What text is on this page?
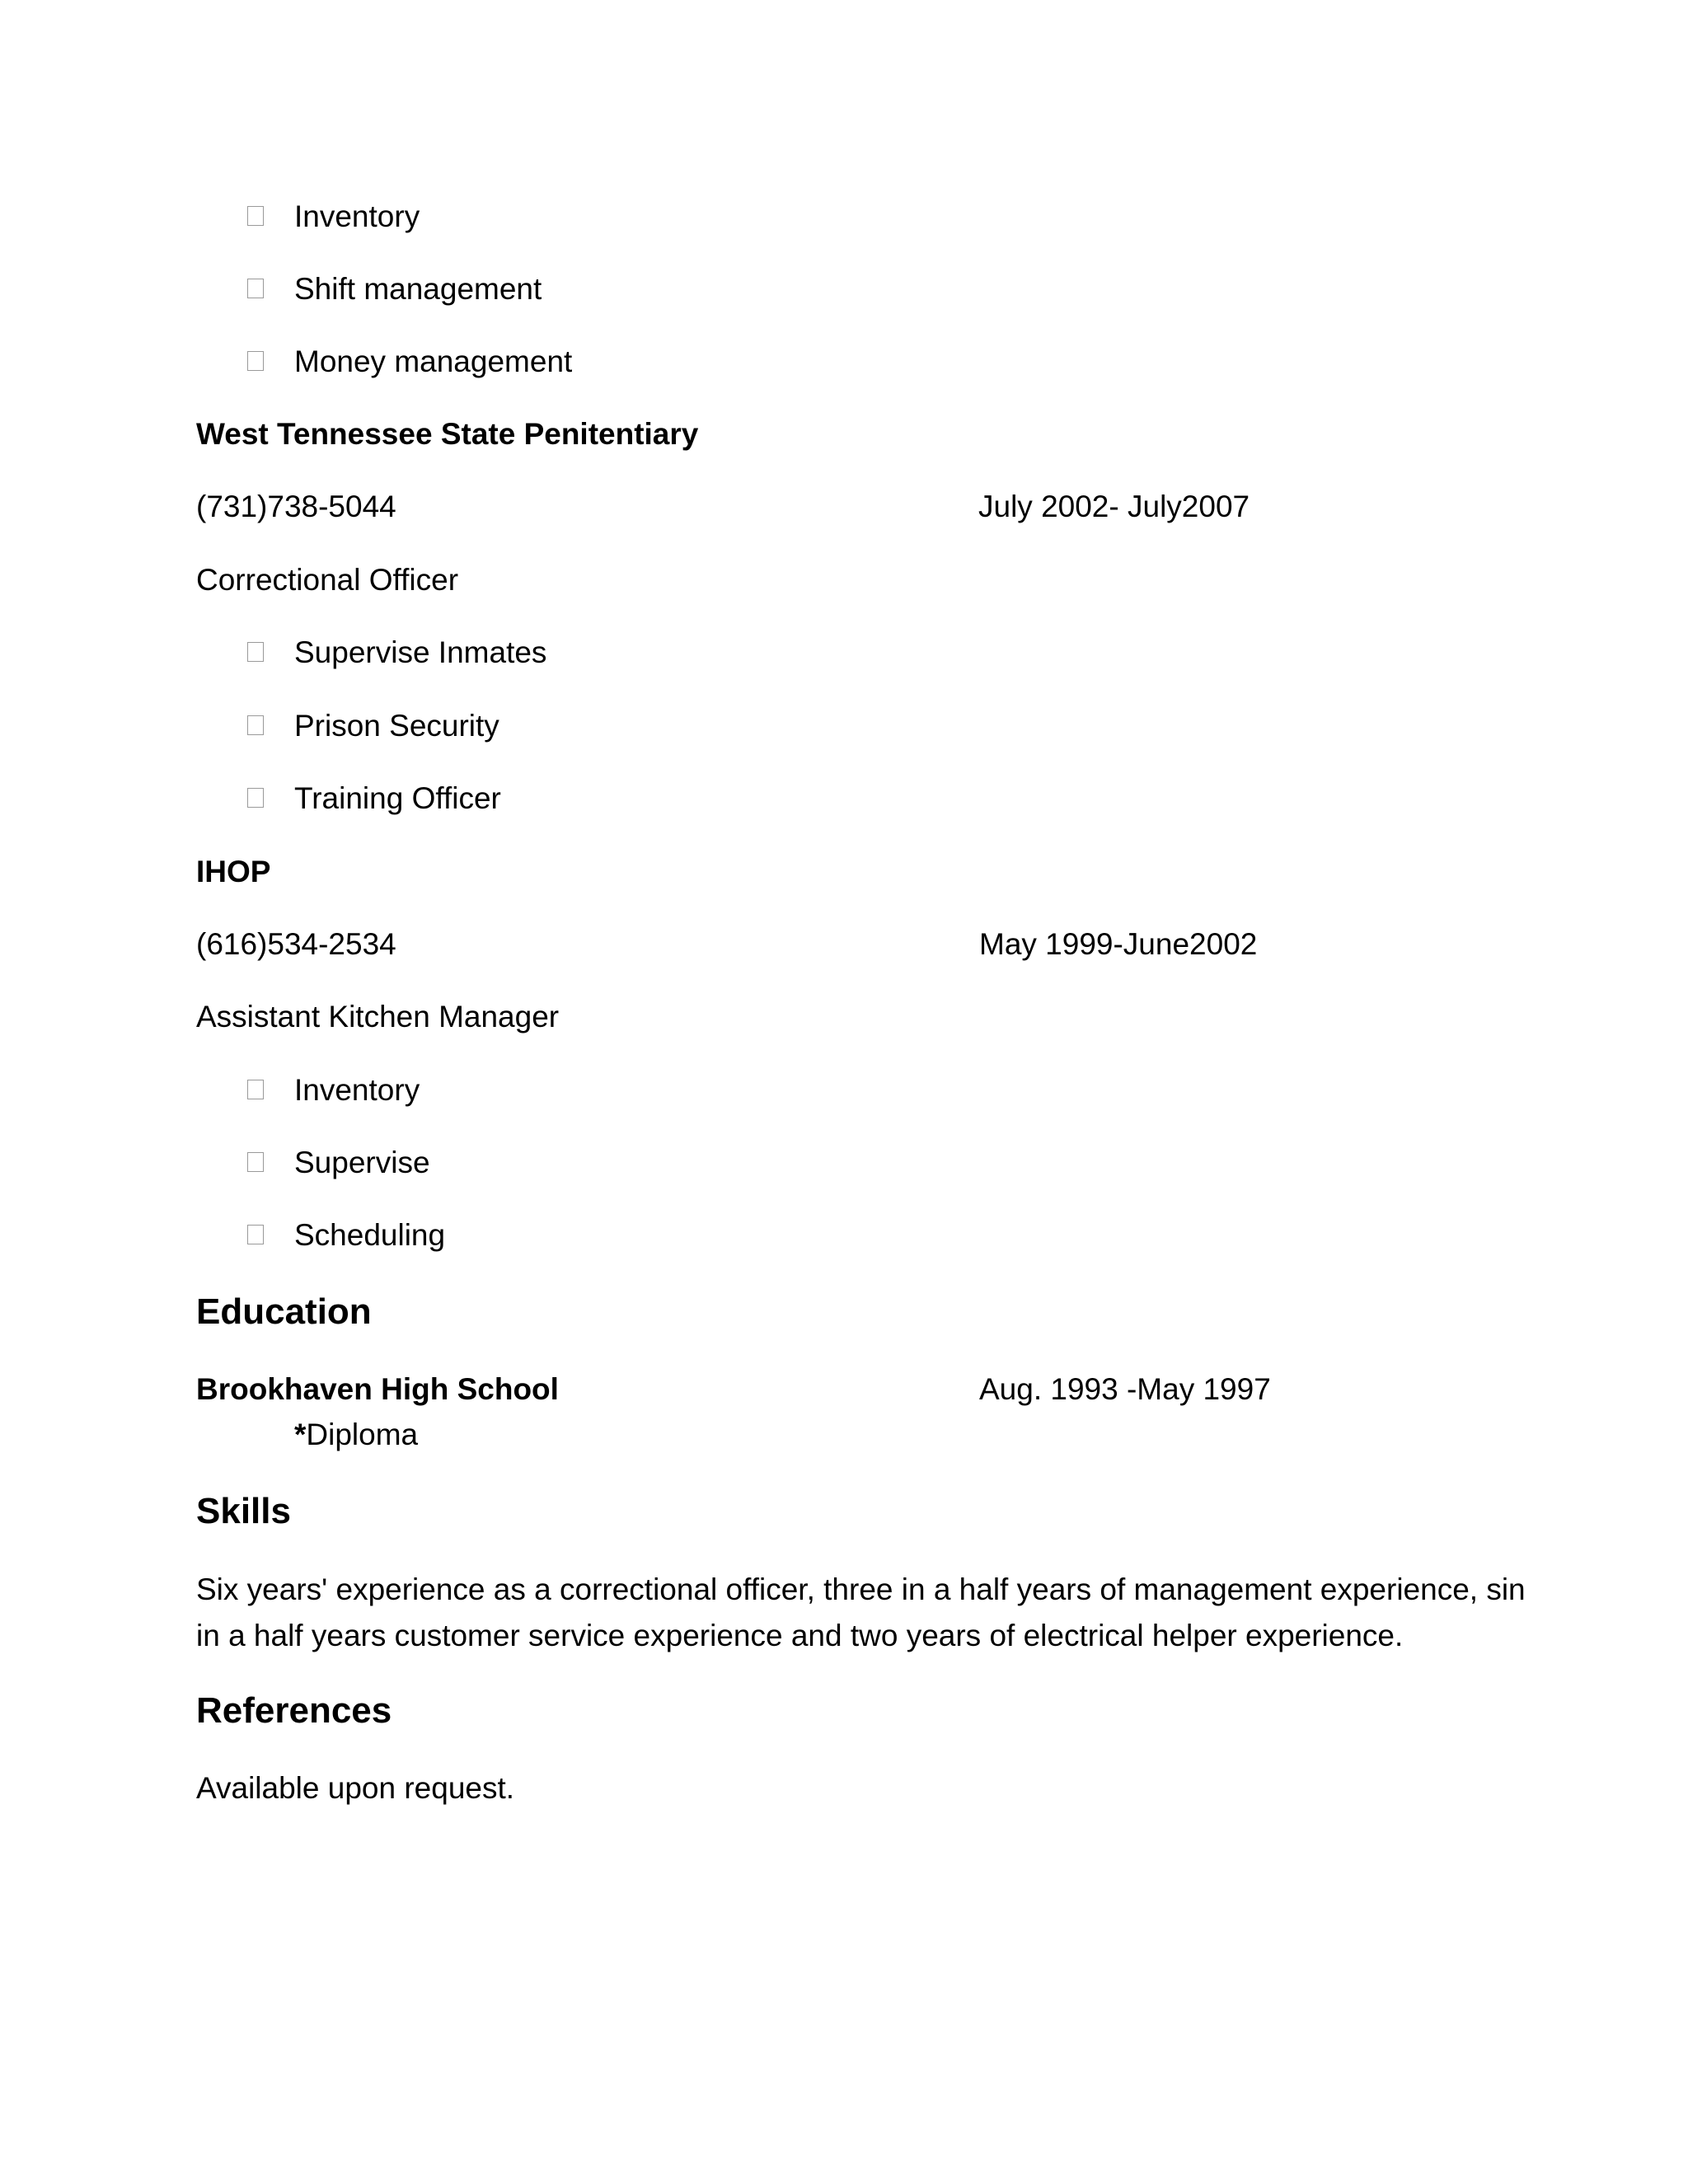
Inventory
Shift management
Money management
West Tennessee State Penitentiary
(731)738-5044	July 2002- July2007
Correctional Officer
Supervise Inmates
Prison Security
Training Officer
IHOP
(616)534-2534	May 1999-June2002
Assistant Kitchen Manager
Inventory
Supervise
Scheduling
Education
Brookhaven High School	Aug. 1993 -May 1997
*Diploma
Skills
Six years' experience as a correctional officer, three in a half years of management experience, sin in a half years customer service experience and two years of electrical helper experience.
References
Available upon request.
